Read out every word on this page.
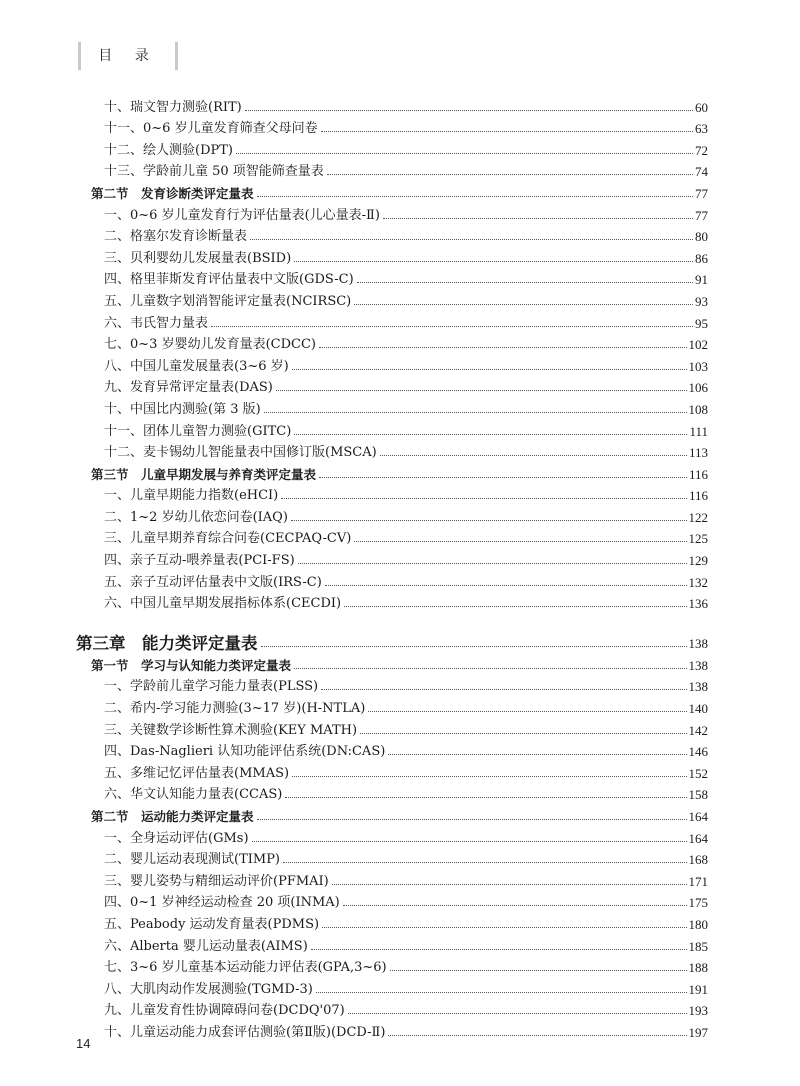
目 录
十、瑞文智力测验(RIT)	60
十一、0~6 岁儿童发育筛查父母问卷	63
十二、绘人测验(DPT)	72
十三、学龄前儿童 50 项智能筛查量表	74
第二节　发育诊断类评定量表	77
一、0~6 岁儿童发育行为评估量表(儿心量表-Ⅱ)	77
二、格塞尔发育诊断量表	80
三、贝利婴幼儿发展量表(BSID)	86
四、格里菲斯发育评估量表中文版(GDS-C)	91
五、儿童数字划消智能评定量表(NCIRSC)	93
六、韦氏智力量表	95
七、0~3 岁婴幼儿发育量表(CDCC)	102
八、中国儿童发展量表(3~6 岁)	103
九、发育异常评定量表(DAS)	106
十、中国比内测验(第 3 版)	108
十一、团体儿童智力测验(GITC)	111
十二、麦卡锡幼儿智能量表中国修订版(MSCA)	113
第三节　儿童早期发展与养育类评定量表	116
一、儿童早期能力指数(eHCI)	116
二、1~2 岁幼儿依恋问卷(IAQ)	122
三、儿童早期养育综合问卷(CECPAQ-CV)	125
四、亲子互动-喂养量表(PCI-FS)	129
五、亲子互动评估量表中文版(IRS-C)	132
六、中国儿童早期发展指标体系(CECDI)	136
第三章　能力类评定量表	138
第一节　学习与认知能力类评定量表	138
一、学龄前儿童学习能力量表(PLSS)	138
二、希内-学习能力测验(3~17 岁)(H-NTLA)	140
三、关键数学诊断性算术测验(KEY MATH)	142
四、Das-Naglieri 认知功能评估系统(DN:CAS)	146
五、多维记忆评估量表(MMAS)	152
六、华文认知能力量表(CCAS)	158
第二节　运动能力类评定量表	164
一、全身运动评估(GMs)	164
二、婴儿运动表现测试(TIMP)	168
三、婴儿姿势与精细运动评价(PFMAI)	171
四、0~1 岁神经运动检查 20 项(INMA)	175
五、Peabody 运动发育量表(PDMS)	180
六、Alberta 婴儿运动量表(AIMS)	185
七、3~6 岁儿童基本运动能力评估表(GPA,3~6)	188
八、大肌肉动作发展测验(TGMD-3)	191
九、儿童发育性协调障碍问卷(DCDQ'07)	193
十、儿童运动能力成套评估测验(第Ⅱ版)(DCD-Ⅱ)	197
14
